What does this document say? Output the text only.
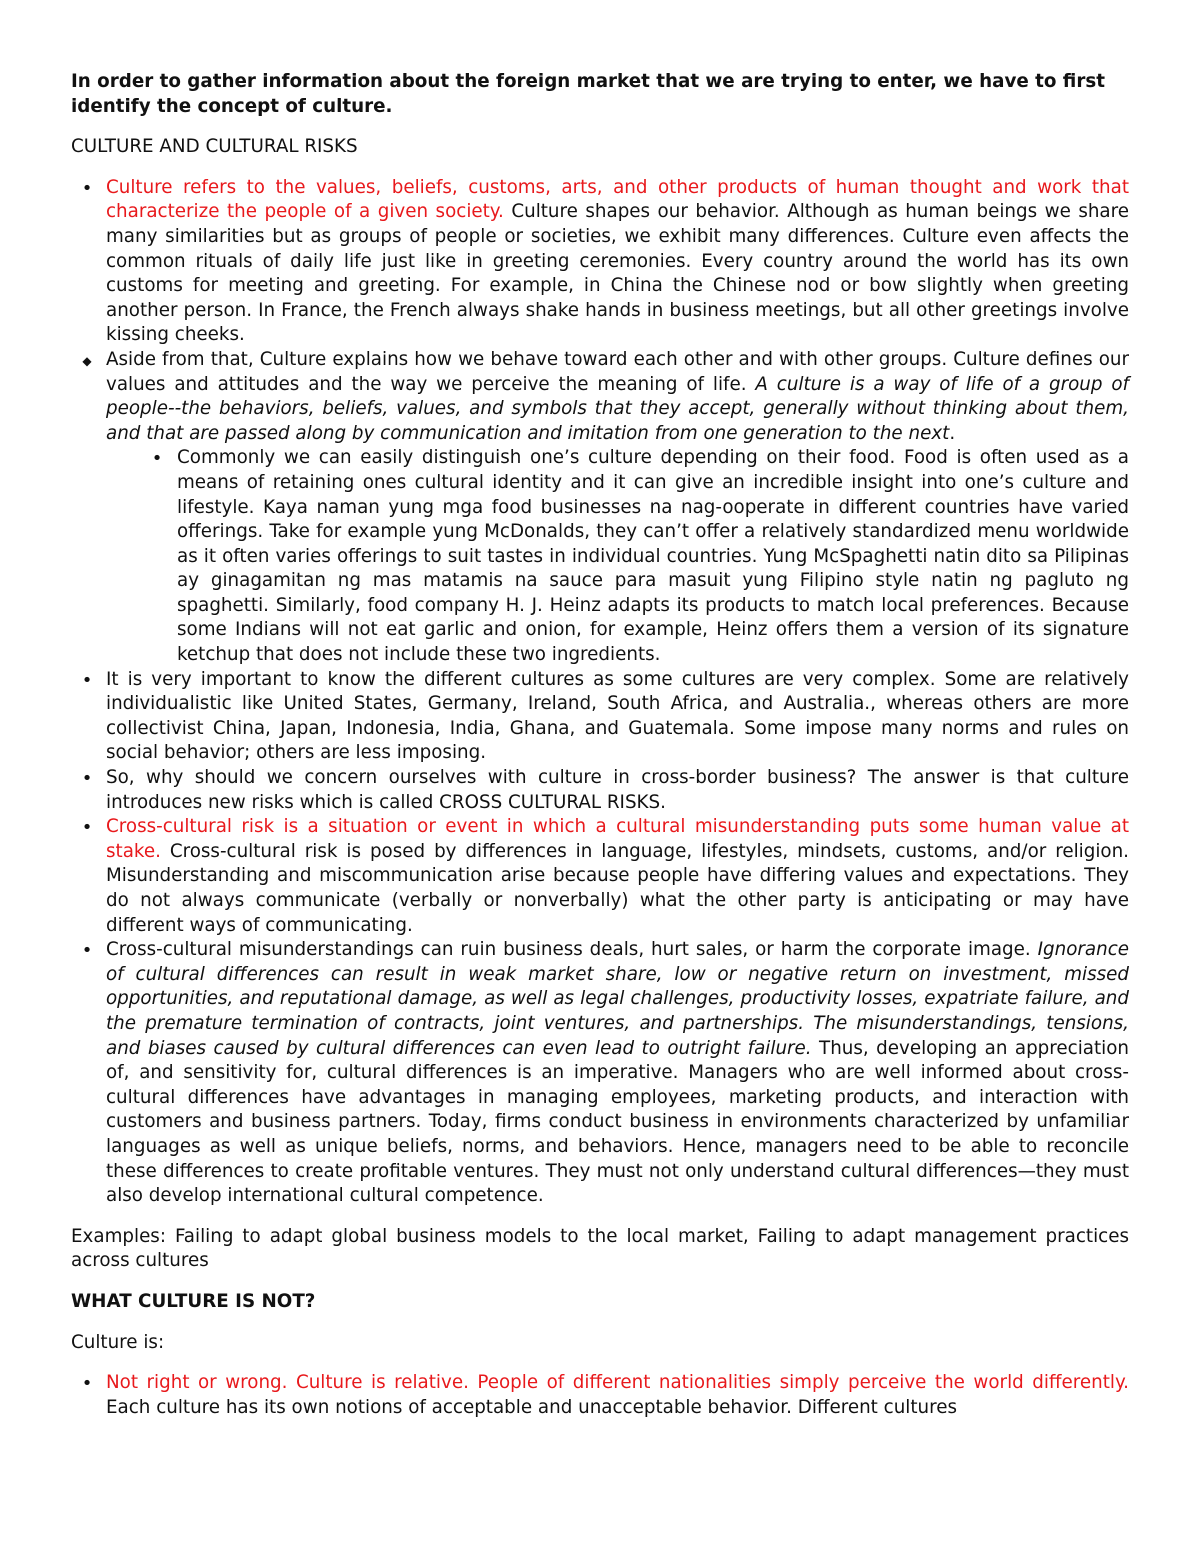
In order to gather information about the foreign market that we are trying to enter, we have to first identify the concept of culture.

CULTURE AND CULTURAL RISKS

• Culture refers to the values, beliefs, customs, arts, and other products of human thought and work that characterize the people of a given society. Culture shapes our behavior. Although as human beings we share many similarities but as groups of people or societies, we exhibit many differences. Culture even affects the common rituals of daily life just like in greeting ceremonies. Every country around the world has its own customs for meeting and greeting. For example, in China the Chinese nod or bow slightly when greeting another person. In France, the French always shake hands in business meetings, but all other greetings involve kissing cheeks.
◆ Aside from that, Culture explains how we behave toward each other and with other groups. Culture defines our values and attitudes and the way we perceive the meaning of life. A culture is a way of life of a group of people--the behaviors, beliefs, values, and symbols that they accept, generally without thinking about them, and that are passed along by communication and imitation from one generation to the next.
• Commonly we can easily distinguish one’s culture depending on their food. Food is often used as a means of retaining ones cultural identity and it can give an incredible insight into one’s culture and lifestyle. Kaya naman yung mga food businesses na nag-ooperate in different countries have varied offerings. Take for example yung McDonalds, they can’t offer a relatively standardized menu worldwide as it often varies offerings to suit tastes in individual countries. Yung McSpaghetti natin dito sa Pilipinas ay ginagamitan ng mas matamis na sauce para masuit yung Filipino style natin ng pagluto ng spaghetti. Similarly, food company H. J. Heinz adapts its products to match local preferences. Because some Indians will not eat garlic and onion, for example, Heinz offers them a version of its signature ketchup that does not include these two ingredients.
• It is very important to know the different cultures as some cultures are very complex. Some are relatively individualistic like United States, Germany, Ireland, South Africa, and Australia., whereas others are more collectivist China, Japan, Indonesia, India, Ghana, and Guatemala. Some impose many norms and rules on social behavior; others are less imposing.
• So, why should we concern ourselves with culture in cross-border business? The answer is that culture introduces new risks which is called CROSS CULTURAL RISKS.
• Cross-cultural risk is a situation or event in which a cultural misunderstanding puts some human value at stake. Cross-cultural risk is posed by differences in language, lifestyles, mindsets, customs, and/or religion. Misunderstanding and miscommunication arise because people have differing values and expectations. They do not always communicate (verbally or nonverbally) what the other party is anticipating or may have different ways of communicating.
• Cross-cultural misunderstandings can ruin business deals, hurt sales, or harm the corporate image. Ignorance of cultural differences can result in weak market share, low or negative return on investment, missed opportunities, and reputational damage, as well as legal challenges, productivity losses, expatriate failure, and the premature termination of contracts, joint ventures, and partnerships. The misunderstandings, tensions, and biases caused by cultural differences can even lead to outright failure. Thus, developing an appreciation of, and sensitivity for, cultural differences is an imperative. Managers who are well informed about cross-cultural differences have advantages in managing employees, marketing products, and interaction with customers and business partners. Today, firms conduct business in environments characterized by unfamiliar languages as well as unique beliefs, norms, and behaviors. Hence, managers need to be able to reconcile these differences to create profitable ventures. They must not only understand cultural differences—they must also develop international cultural competence.

Examples: Failing to adapt global business models to the local market, Failing to adapt management practices across cultures

WHAT CULTURE IS NOT?

Culture is:

• Not right or wrong. Culture is relative. People of different nationalities simply perceive the world differently. Each culture has its own notions of acceptable and unacceptable behavior. Different cultures
